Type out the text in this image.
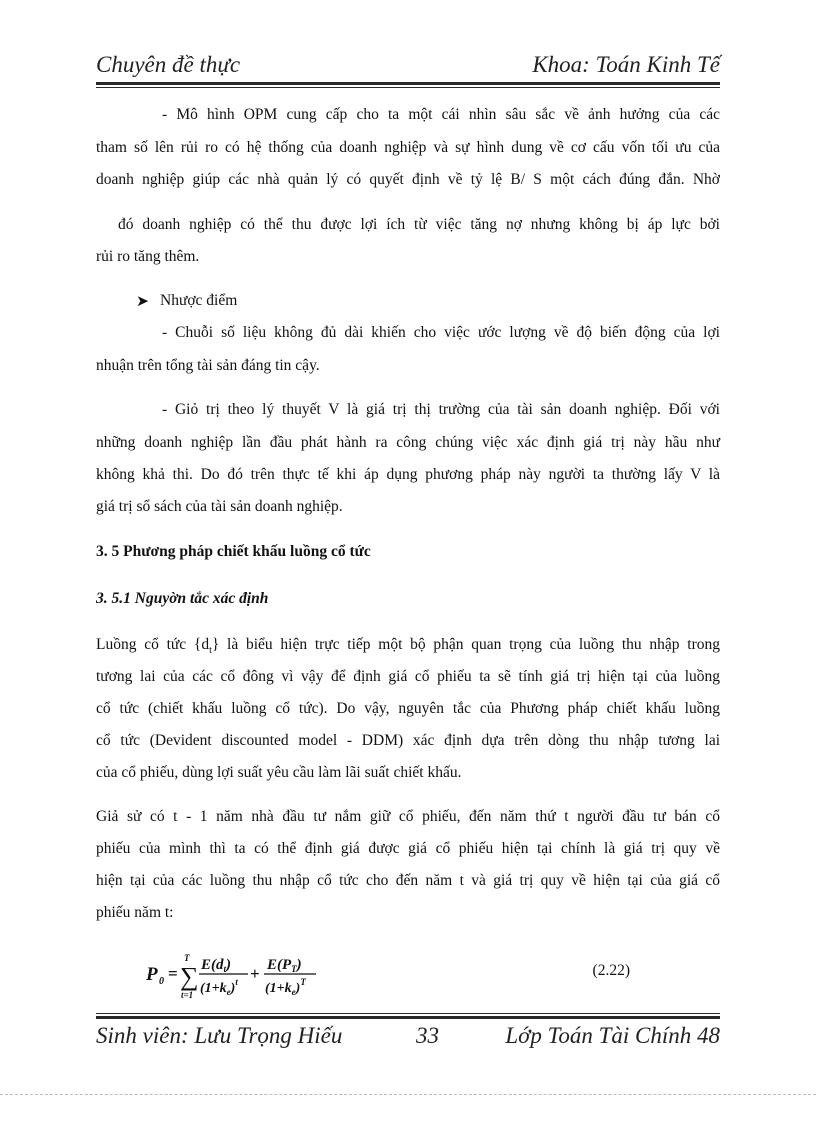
Chuyên đề thực	Khoa: Toán Kinh Tế
- Mô hình OPM cung cấp cho ta một cái nhìn sâu sắc về ảnh hưởng của các
tham số lên rủi ro có hệ thống của doanh nghiệp và sự hình dung về cơ cấu vốn tối ưu của
doanh nghiệp giúp các nhà quản lý có quyết định về tỷ lệ B/ S một cách đúng đắn. Nhờ
đó doanh nghiệp có thể thu được lợi ích từ việc tăng nợ nhưng không bị áp lực bởi
rủi ro tăng thêm.
➤ Nhược điểm
- Chuỗi số liệu không đủ dài khiến cho việc ước lượng về độ biến động của lợi
nhuận trên tổng tài sản đáng tin cậy.
- Giỏ trị theo lý thuyết V là giá trị thị trường của tài sản doanh nghiệp. Đối với
những doanh nghiệp lần đầu phát hành ra công chúng việc xác định giá trị này hầu như
không khả thi. Do đó trên thực tế khi áp dụng phương pháp này người ta thường lấy V là
giá trị sổ sách của tài sản doanh nghiệp.
3. 5 Phương pháp chiết khấu luồng cổ tức
3. 5.1 Nguyờn tắc xác định
Luồng cổ tức $\{d_t\}$ là biểu hiện trực tiếp một bộ phận quan trọng của luồng thu nhập trong
tương lai của các cổ đông vì vậy để định giá cổ phiếu ta sẽ tính giá trị hiện tại của luồng
cổ tức (chiết khấu luồng cổ tức). Do vậy, nguyên tắc của Phương pháp chiết khấu luồng
cổ tức (Devident discounted model - DDM) xác định dựa trên dòng thu nhập tương lai
của cổ phiếu, dùng lợi suất yêu cầu làm lãi suất chiết khấu.
Giả sử có t - 1 năm nhà đầu tư nắm giữ cổ phiếu, đến năm thứ t người đầu tư bán cổ
phiếu của mình thì ta có thể định giá được giá cổ phiếu hiện tại chính là giá trị quy về
hiện tại của các luồng thu nhập cổ tức cho đến năm t và giá trị quy về hiện tại của giá cổ
phiếu năm t:
P 0 = ∑
T
t=1
$E(d_t)$
$(1+k_e)^t + E(P_T)$
$(1+k_e)^T$
(2.22)
Sinh viên: Lưu Trọng Hiếu	33	Lớp Toán Tài Chính 48
